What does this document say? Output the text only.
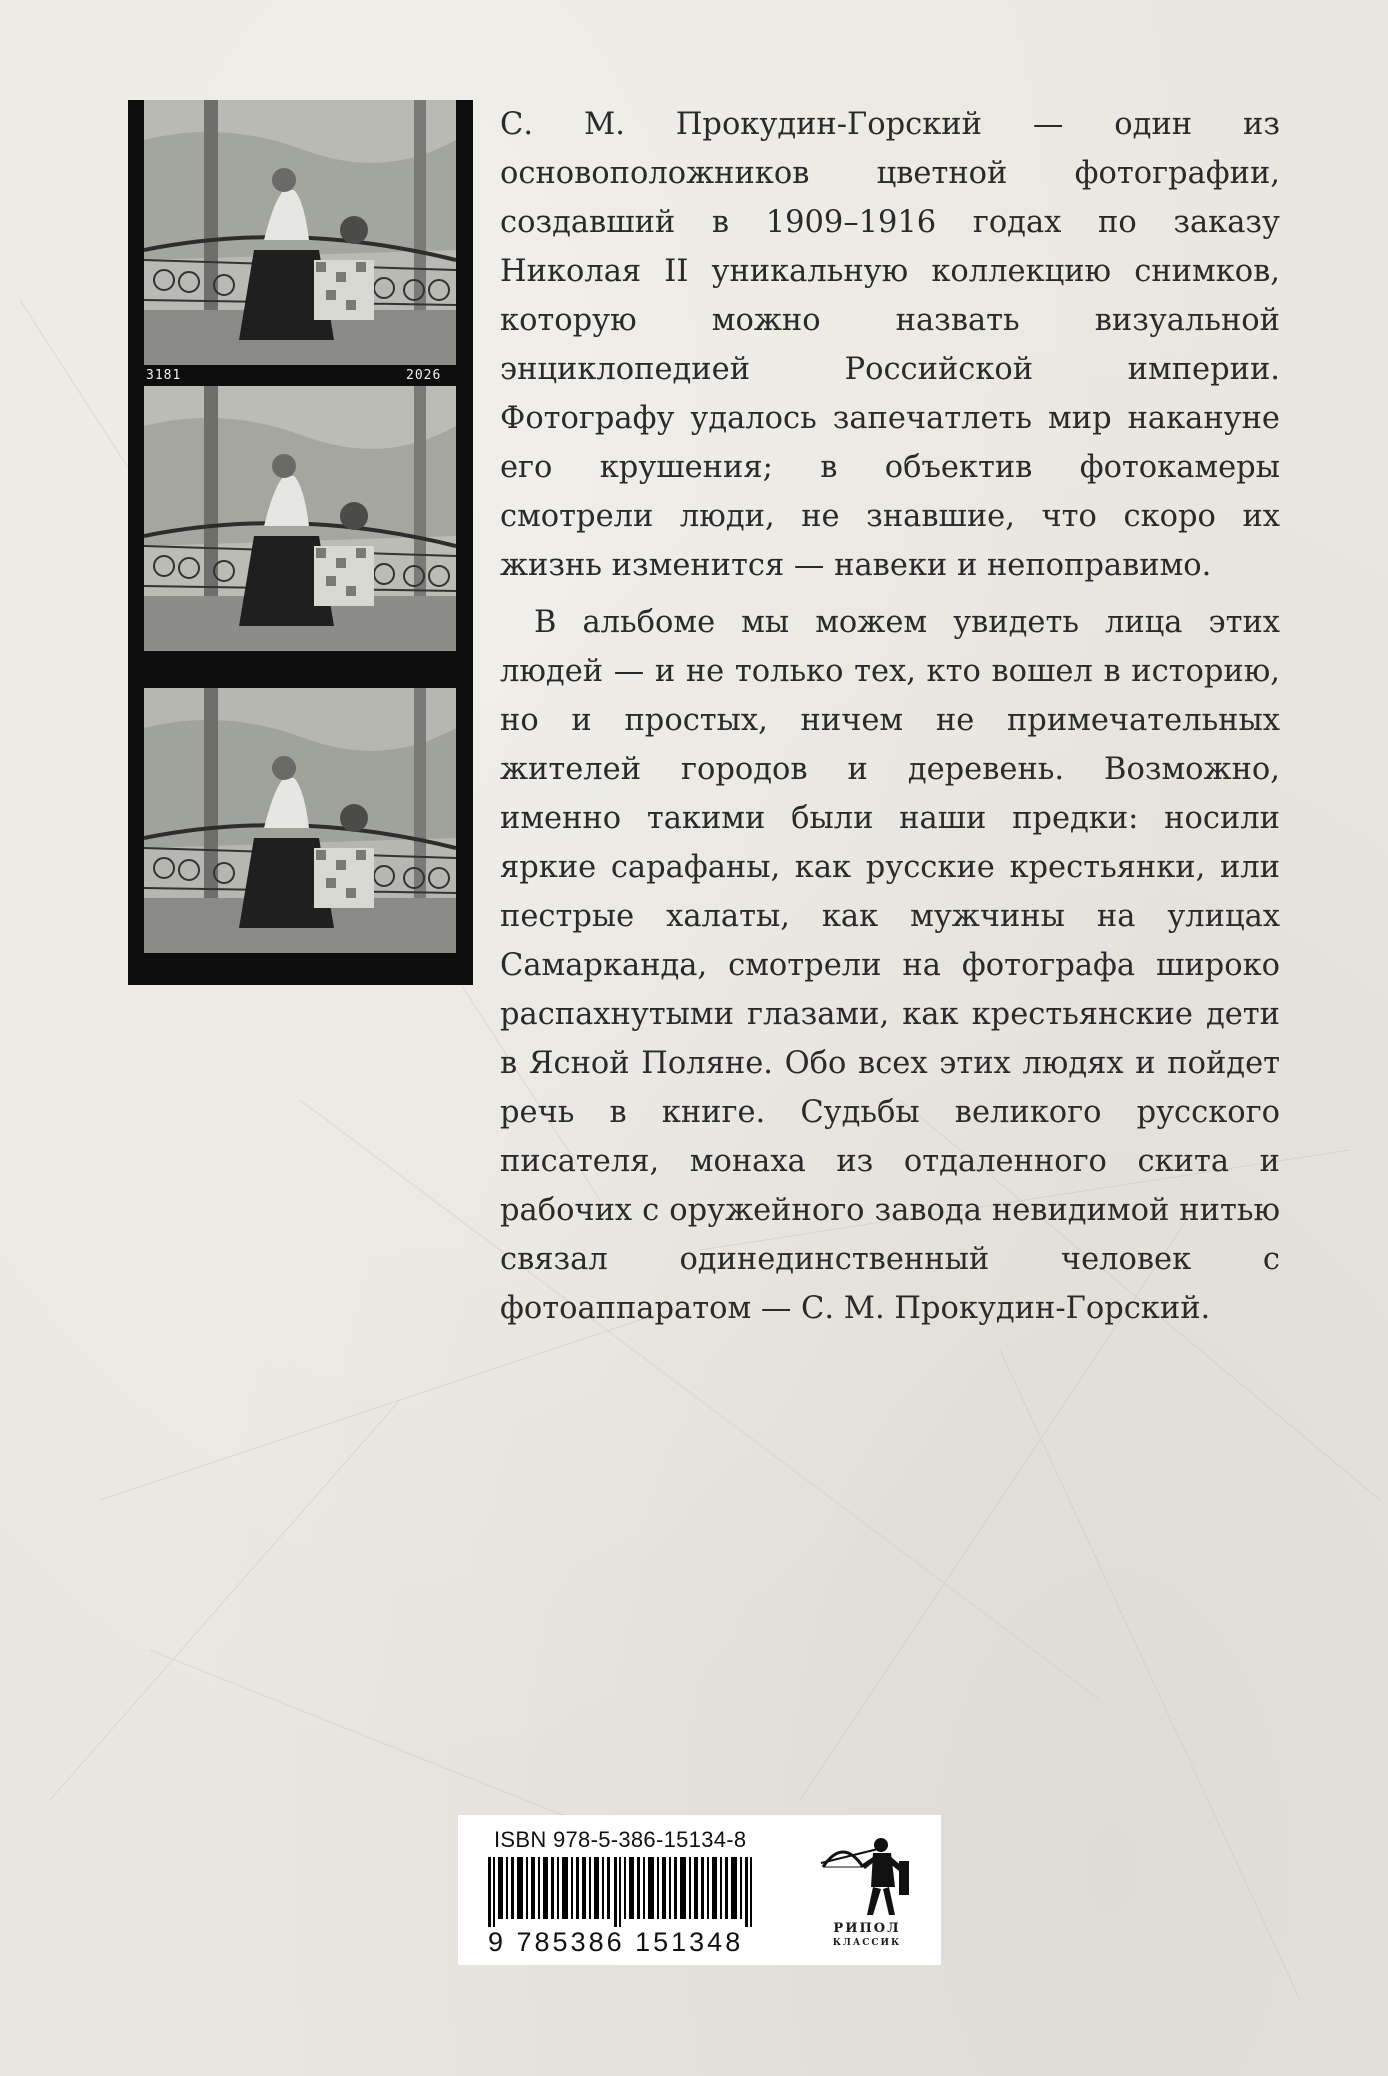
3181	2026

С. М. Прокудин-Горский — один из основоположников цветной фотографии, создавший в 1909–1916 годах по заказу Николая II уникальную коллекцию снимков, которую можно назвать визуальной энциклопедией Российской империи. Фотографу удалось запечатлеть мир накануне его крушения; в объектив фотокамеры смотрели люди, не знавшие, что скоро их жизнь изменится — навеки и непоправимо.

В альбоме мы можем увидеть лица этих людей — и не только тех, кто вошел в историю, но и простых, ничем не примечательных жителей городов и деревень. Возможно, именно такими были наши предки: носили яркие сарафаны, как русские крестьянки, или пестрые халаты, как мужчины на улицах Самарканда, смотрели на фотографа широко распахнутыми глазами, как крестьянские дети в Ясной Поляне. Обо всех этих людях и пойдет речь в книге. Судьбы великого русского писателя, монаха из отдаленного скита и рабочих с оружейного завода невидимой нитью связал одинединственный человек с фотоаппаратом — С. М. Прокудин-Горский.

ISBN 978-5-386-15134-8
9 785386 151348	РИПОЛ
КЛАССИК
